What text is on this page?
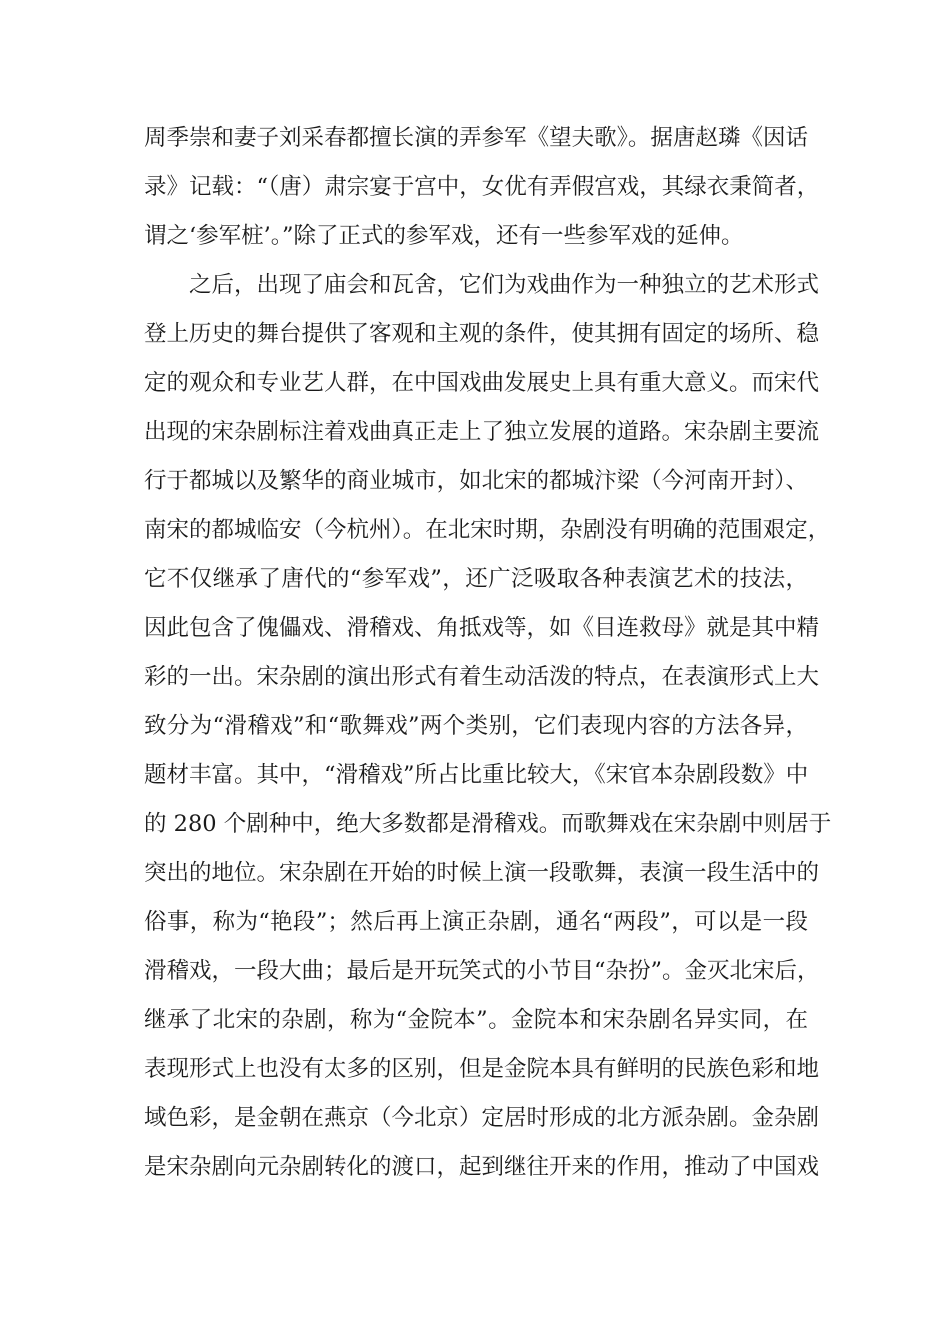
周季崇和妻子刘采春都擅长演的弄参军《望夫歌》。据唐赵璘《因话
录》记载：“（唐）肃宗宴于宫中，女优有弄假宫戏，其绿衣秉简者，
谓之‘参军桩’。”除了正式的参军戏，还有一些参军戏的延伸。
之后，出现了庙会和瓦舍，它们为戏曲作为一种独立的艺术形式
登上历史的舞台提供了客观和主观的条件，使其拥有固定的场所、稳
定的观众和专业艺人群，在中国戏曲发展史上具有重大意义。而宋代
出现的宋杂剧标注着戏曲真正走上了独立发展的道路。宋杂剧主要流
行于都城以及繁华的商业城市，如北宋的都城汴梁（今河南开封）、
南宋的都城临安（今杭州）。在北宋时期，杂剧没有明确的范围艰定，
它不仅继承了唐代的“参军戏”，还广泛吸取各种表演艺术的技法，
因此包含了傀儡戏、滑稽戏、角抵戏等，如《目连救母》就是其中精
彩的一出。宋杂剧的演出形式有着生动活泼的特点，在表演形式上大
致分为“滑稽戏”和“歌舞戏”两个类别，它们表现内容的方法各异，
题材丰富。其中，“滑稽戏”所占比重比较大，《宋官本杂剧段数》中
的 280 个剧种中，绝大多数都是滑稽戏。而歌舞戏在宋杂剧中则居于
突出的地位。宋杂剧在开始的时候上演一段歌舞，表演一段生活中的
俗事，称为“艳段”；然后再上演正杂剧，通名“两段”，可以是一段
滑稽戏，一段大曲；最后是开玩笑式的小节目“杂扮”。金灭北宋后，
继承了北宋的杂剧，称为“金院本”。金院本和宋杂剧名异实同，在
表现形式上也没有太多的区别，但是金院本具有鲜明的民族色彩和地
域色彩，是金朝在燕京（今北京）定居时形成的北方派杂剧。金杂剧
是宋杂剧向元杂剧转化的渡口，起到继往开来的作用，推动了中国戏
